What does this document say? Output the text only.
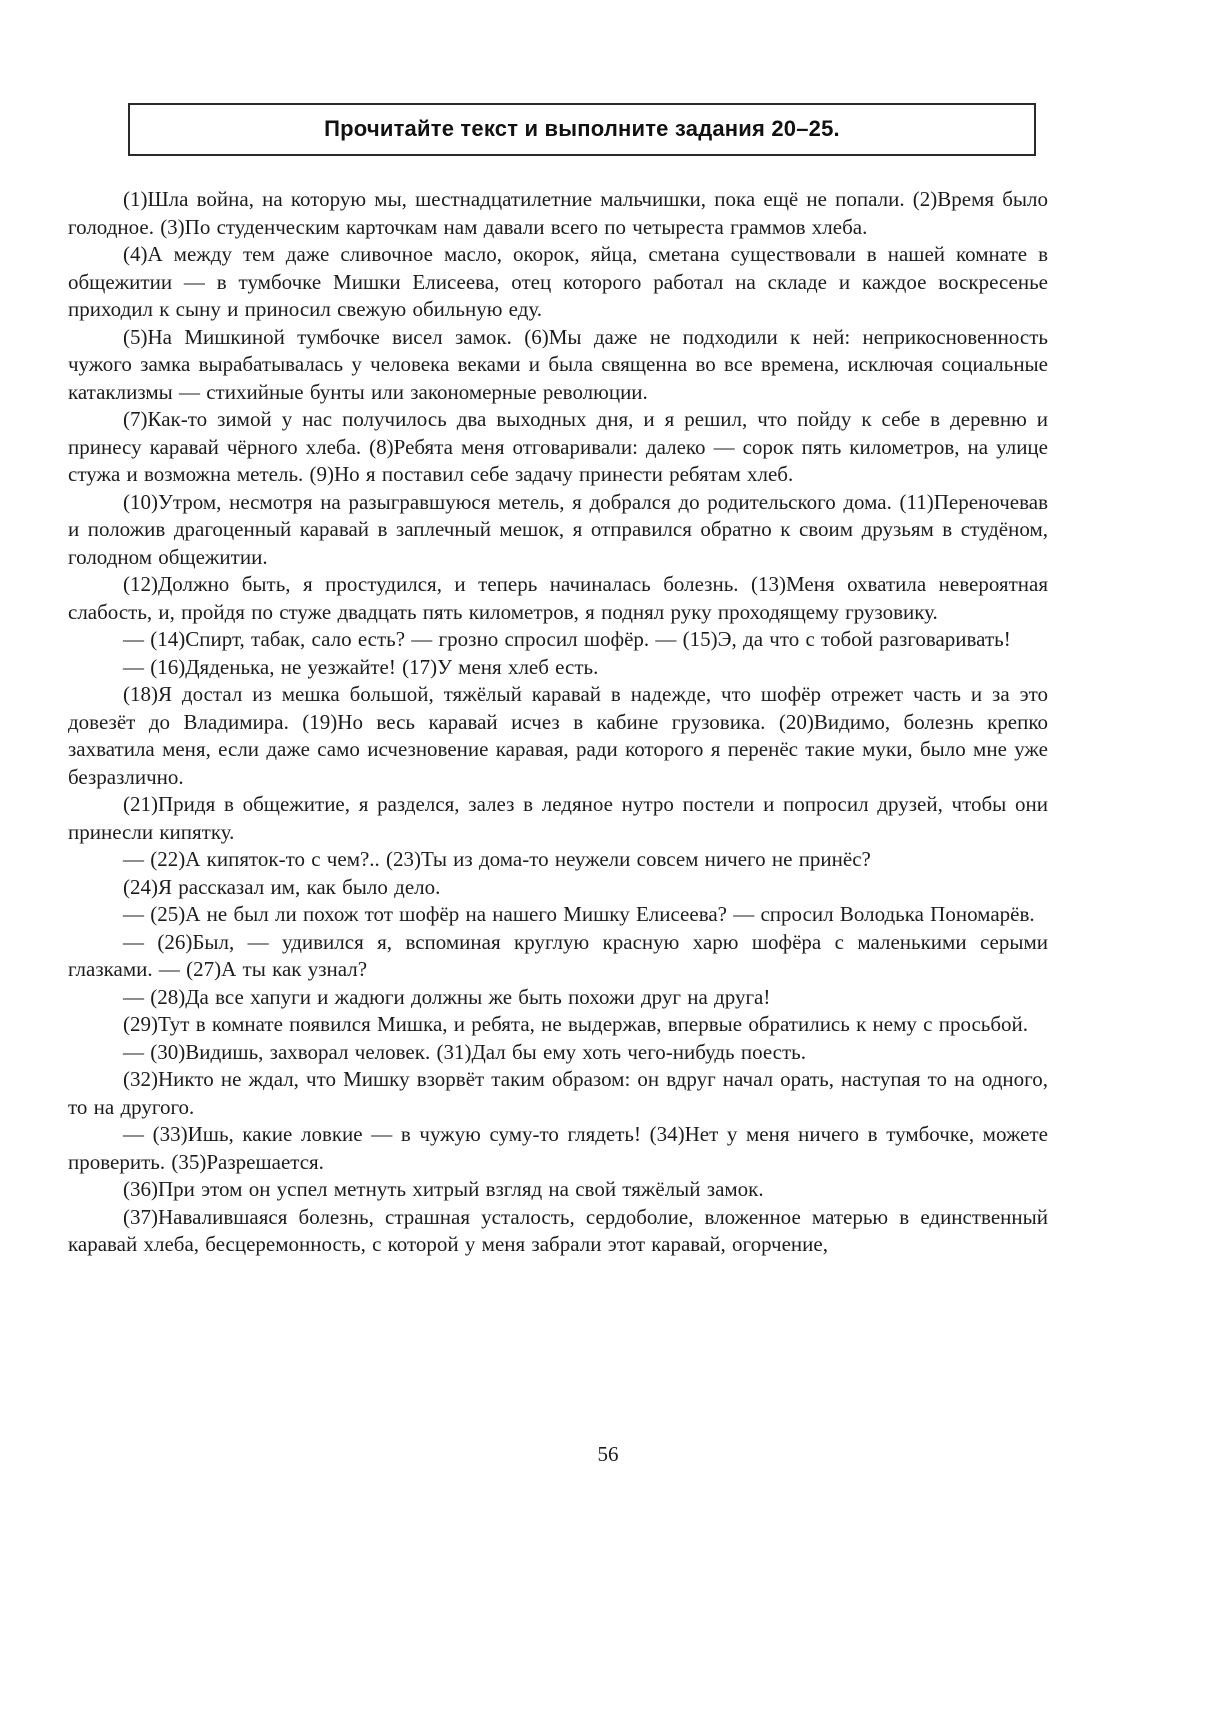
Прочитайте текст и выполните задания 20–25.

(1)Шла война, на которую мы, шестнадцатилетние мальчишки, пока ещё не попали. (2)Время было голодное. (3)По студенческим карточкам нам давали всего по четыреста граммов хлеба.

(4)А между тем даже сливочное масло, окорок, яйца, сметана существовали в нашей комнате в общежитии — в тумбочке Мишки Елисеева, отец которого работал на складе и каждое воскресенье приходил к сыну и приносил свежую обильную еду.

(5)На Мишкиной тумбочке висел замок. (6)Мы даже не подходили к ней: неприкосновенность чужого замка вырабатывалась у человека веками и была священна во все времена, исключая социальные катаклизмы — стихийные бунты или закономерные революции.

(7)Как-то зимой у нас получилось два выходных дня, и я решил, что пойду к себе в деревню и принесу каравай чёрного хлеба. (8)Ребята меня отговаривали: далеко — сорок пять километров, на улице стужа и возможна метель. (9)Но я поставил себе задачу принести ребятам хлеб.

(10)Утром, несмотря на разыгравшуюся метель, я добрался до родительского дома. (11)Переночевав и положив драгоценный каравай в заплечный мешок, я отправился обратно к своим друзьям в студёном, голодном общежитии.

(12)Должно быть, я простудился, и теперь начиналась болезнь. (13)Меня охватила невероятная слабость, и, пройдя по стуже двадцать пять километров, я поднял руку проходящему грузовику.

— (14)Спирт, табак, сало есть? — грозно спросил шофёр. — (15)Э, да что с тобой разговаривать!

— (16)Дяденька, не уезжайте! (17)У меня хлеб есть.

(18)Я достал из мешка большой, тяжёлый каравай в надежде, что шофёр отрежет часть и за это довезёт до Владимира. (19)Но весь каравай исчез в кабине грузовика. (20)Видимо, болезнь крепко захватила меня, если даже само исчезновение каравая, ради которого я перенёс такие муки, было мне уже безразлично.

(21)Придя в общежитие, я разделся, залез в ледяное нутро постели и попросил друзей, чтобы они принесли кипятку.

— (22)А кипяток-то с чем?.. (23)Ты из дома-то неужели совсем ничего не принёс?

(24)Я рассказал им, как было дело.

— (25)А не был ли похож тот шофёр на нашего Мишку Елисеева? — спросил Володька Пономарёв.

— (26)Был, — удивился я, вспоминая круглую красную харю шофёра с маленькими серыми глазками. — (27)А ты как узнал?

— (28)Да все хапуги и жадюги должны же быть похожи друг на друга!

(29)Тут в комнате появился Мишка, и ребята, не выдержав, впервые обратились к нему с просьбой.

— (30)Видишь, захворал человек. (31)Дал бы ему хоть чего-нибудь поесть.

(32)Никто не ждал, что Мишку взорвёт таким образом: он вдруг начал орать, наступая то на одного, то на другого.

— (33)Ишь, какие ловкие — в чужую суму-то глядеть! (34)Нет у меня ничего в тумбочке, можете проверить. (35)Разрешается.

(36)При этом он успел метнуть хитрый взгляд на свой тяжёлый замок.

(37)Навалившаяся болезнь, страшная усталость, сердоболие, вложенное матерью в единственный каравай хлеба, бесцеремонность, с которой у меня забрали этот каравай, огорчение,

56
